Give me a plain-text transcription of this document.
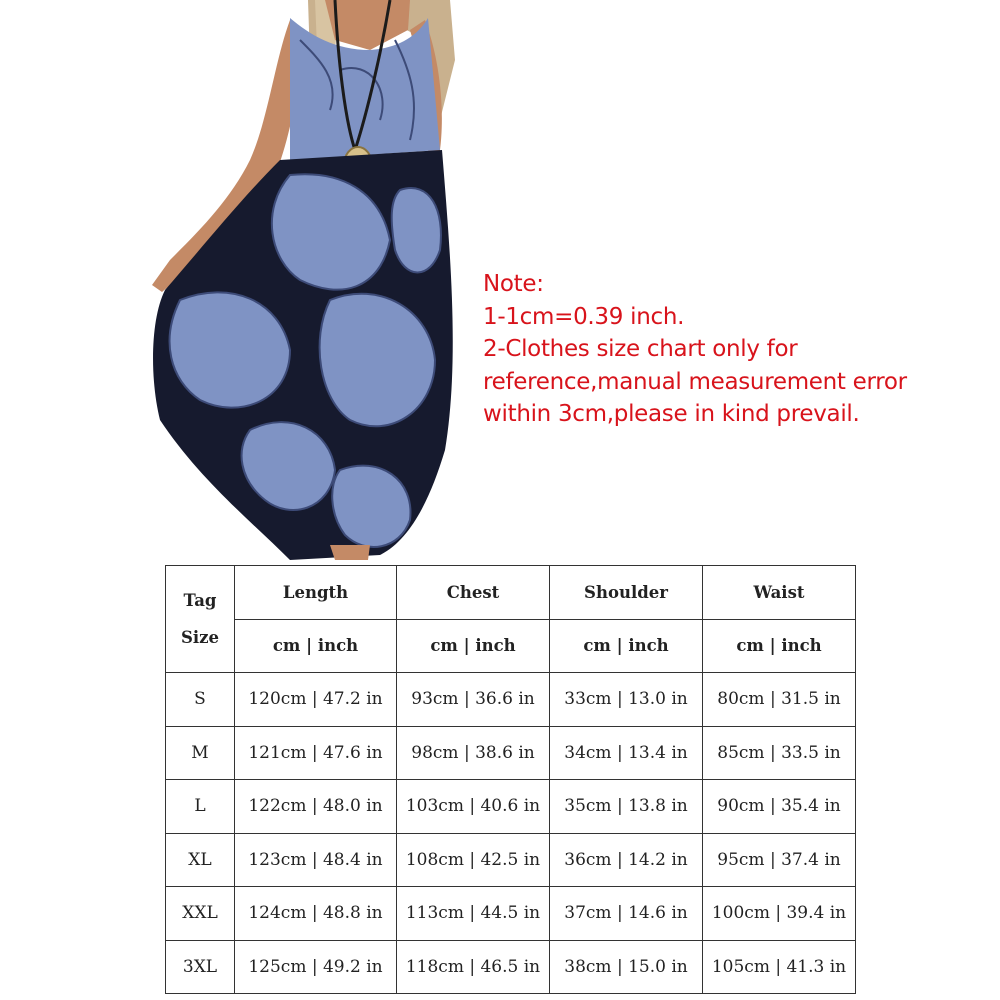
Note:
1-1cm=0.39 inch.
2-Clothes size chart only for
reference,manual measurement error
within 3cm,please in kind prevail.
Tag
Size	Length	Chest	Shoulder	Waist
	cm | inch	cm | inch	cm | inch	cm | inch
S	120cm | 47.2 in	93cm | 36.6 in	33cm | 13.0 in	80cm | 31.5 in
M	121cm | 47.6 in	98cm | 38.6 in	34cm | 13.4 in	85cm | 33.5 in
L	122cm | 48.0 in	103cm | 40.6 in	35cm | 13.8 in	90cm | 35.4 in
XL	123cm | 48.4 in	108cm | 42.5 in	36cm | 14.2 in	95cm | 37.4 in
XXL	124cm | 48.8 in	113cm | 44.5 in	37cm | 14.6 in	100cm | 39.4 in
3XL	125cm | 49.2 in	118cm | 46.5 in	38cm | 15.0 in	105cm | 41.3 in
